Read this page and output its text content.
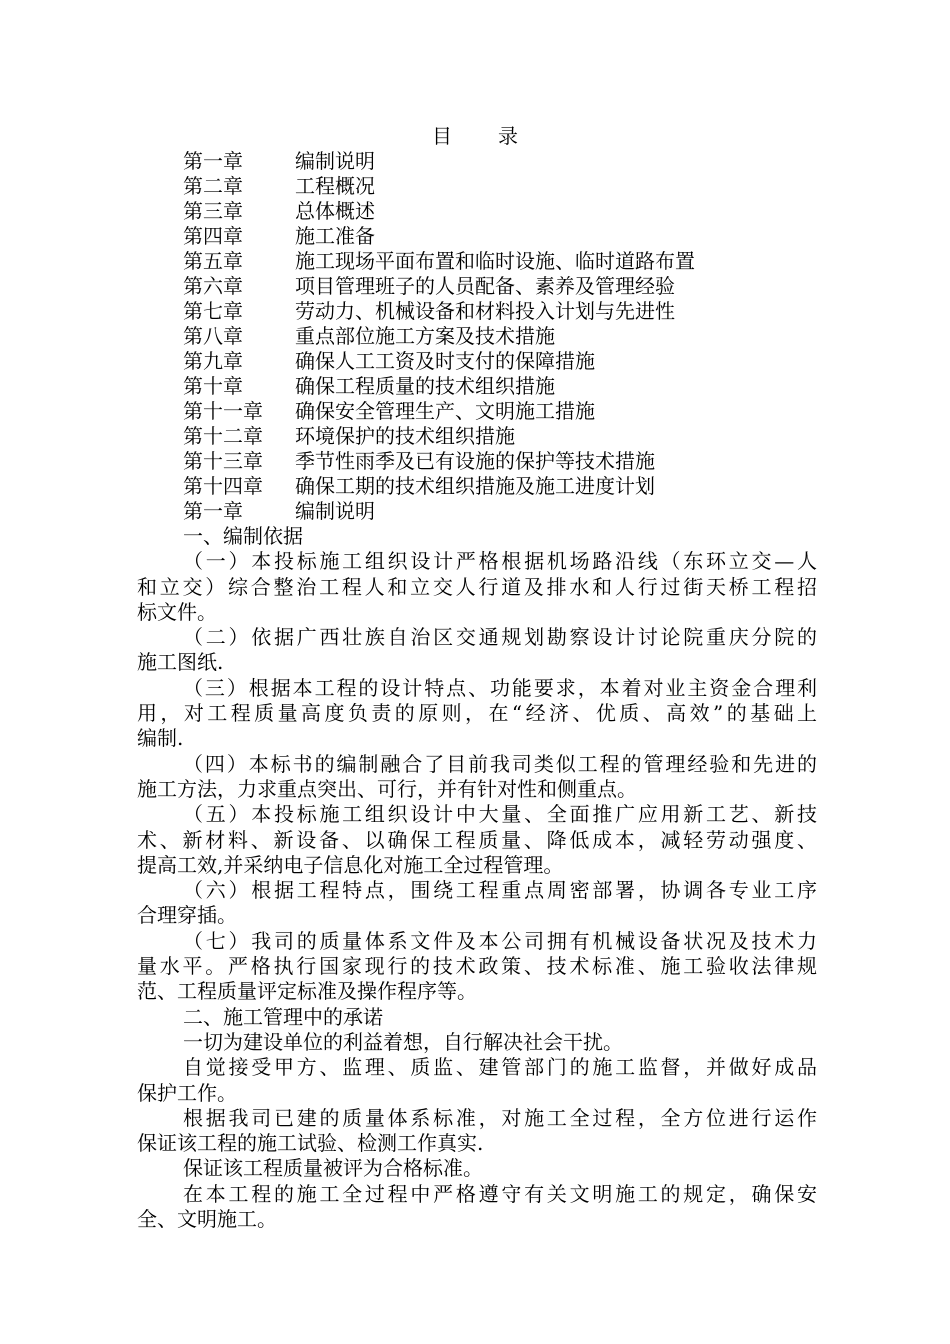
目 录
第一章	编制说明
第二章	工程概况
第三章	总体概述
第四章	施工准备
第五章	施工现场平面布置和临时设施、临时道路布置
第六章	项目管理班子的人员配备、素养及管理经验
第七章	劳动力、机械设备和材料投入计划与先进性
第八章	重点部位施工方案及技术措施
第九章	确保人工工资及时支付的保障措施
第十章	确保工程质量的技术组织措施
第十一章	确保安全管理生产、文明施工措施
第十二章	环境保护的技术组织措施
第十三章	季节性雨季及已有设施的保护等技术措施
第十四章	确保工期的技术组织措施及施工进度计划
第一章	编制说明
一、编制依据
（一）本投标施工组织设计严格根据机场路沿线（东环立交—人
和立交）综合整治工程人和立交人行道及排水和人行过街天桥工程招
标文件。
（二）依据广西壮族自治区交通规划勘察设计讨论院重庆分院的
施工图纸.
（三）根据本工程的设计特点、功能要求，本着对业主资金合理利
用，对工程质量高度负责的原则，在“经济、优质、高效”的基础上
编制.
（四）本标书的编制融合了目前我司类似工程的管理经验和先进的
施工方法，力求重点突出、可行，并有针对性和侧重点。
（五）本投标施工组织设计中大量、全面推广应用新工艺、新技
术、新材料、新设备、以确保工程质量、降低成本，减轻劳动强度、
提高工效,并采纳电子信息化对施工全过程管理。
（六）根据工程特点，围绕工程重点周密部署，协调各专业工序
合理穿插。
（七）我司的质量体系文件及本公司拥有机械设备状况及技术力
量水平。严格执行国家现行的技术政策、技术标准、施工验收法律规
范、工程质量评定标准及操作程序等。
二、施工管理中的承诺
一切为建设单位的利益着想，自行解决社会干扰。
自觉接受甲方、监理、质监、建管部门的施工监督，并做好成品
保护工作。
根据我司已建的质量体系标准，对施工全过程，全方位进行运作
保证该工程的施工试验、检测工作真实.
保证该工程质量被评为合格标准。
在本工程的施工全过程中严格遵守有关文明施工的规定，确保安
全、文明施工。
